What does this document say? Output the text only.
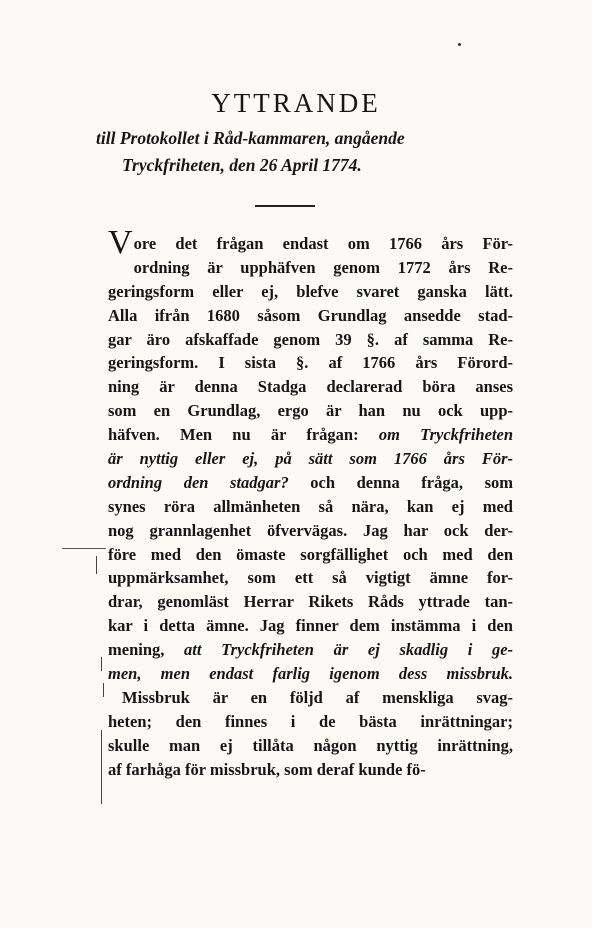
YTTRANDE
till Protokollet i Råd-kammaren, angående
Tryckfriheten, den 26 April 1774.
Vore det frågan endast om 1766 års För-
ordning är upphäfven genom 1772 års Re-
geringsform eller ej, blefve svaret ganska lätt.
Alla ifrån 1680 såsom Grundlag ansedde stad-
gar äro afskaffade genom 39 §. af samma Re-
geringsform. I sista §. af 1766 års Förord-
ning är denna Stadga declarerad böra anses
som en Grundlag, ergo är han nu ock upp-
häfven. Men nu är frågan: om Tryckfriheten
är nyttig eller ej, på sätt som 1766 års För-
ordning den stadgar? och denna fråga, som
synes röra allmänheten så nära, kan ej med
nog grannlagenhet öfvervägas. Jag har ock der-
före med den ömaste sorgfällighet och med den
uppmärksamhet, som ett så vigtigt ämne for-
drar, genomläst Herrar Rikets Råds yttrade tan-
kar i detta ämne. Jag finner dem instämma i den
mening, att Tryckfriheten är ej skadlig i ge-
men, men endast farlig igenom dess missbruk.
Missbruk är en följd af menskliga svag-
heten; den finnes i de bästa inrättningar;
skulle man ej tillåta någon nyttig inrättning,
af farhåga för missbruk, som deraf kunde fö-
